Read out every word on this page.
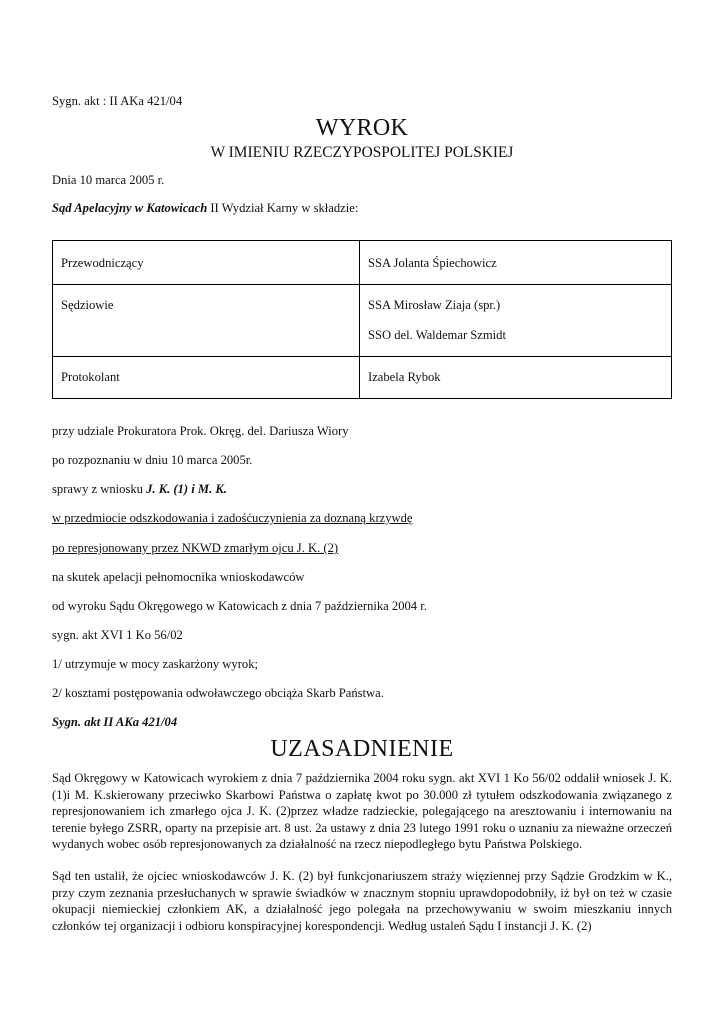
Sygn. akt : II AKa 421/04
WYROK
W IMIENIU RZECZYPOSPOLITEJ POLSKIEJ
Dnia 10 marca 2005 r.
Sąd Apelacyjny w Katowicach II Wydział Karny w składzie:
Przewodniczący	SSA Jolanta Śpiechowicz

Sędziowie	SSA Mirosław Ziaja (spr.)
SSO del. Waldemar Szmidt

Protokolant	Izabela Rybok
przy udziale Prokuratora Prok. Okręg. del. Dariusza Wiory
po rozpoznaniu w dniu 10 marca 2005r.
sprawy z wniosku J. K. (1) i M. K.
w przedmiocie odszkodowania i zadośćuczynienia za doznaną krzywdę
po represjonowany przez NKWD zmarłym ojcu J. K. (2)
na skutek apelacji pełnomocnika wnioskodawców
od wyroku Sądu Okręgowego w Katowicach z dnia 7 października 2004 r.
sygn. akt XVI 1 Ko 56/02
1/ utrzymuje w mocy zaskarżony wyrok;
2/ kosztami postępowania odwoławczego obciąża Skarb Państwa.
Sygn. akt II AKa 421/04
UZASADNIENIE
Sąd Okręgowy w Katowicach wyrokiem z dnia 7 października 2004 roku sygn. akt XVI 1 Ko 56/02 oddalił wniosek J. K. (1)i M. K.skierowany przeciwko Skarbowi Państwa o zapłatę kwot po 30.000 zł tytułem odszkodowania związanego z represjonowaniem ich zmarłego ojca J. K. (2)przez władze radzieckie, polegającego na aresztowaniu i internowaniu na terenie byłego ZSRR, oparty na przepisie art. 8 ust. 2a ustawy z dnia 23 lutego 1991 roku o uznaniu za nieważne orzeczeń wydanych wobec osób represjonowanych za działalność na rzecz niepodległego bytu Państwa Polskiego.
Sąd ten ustalił, że ojciec wnioskodawców J. K. (2) był funkcjonariuszem straży więziennej przy Sądzie Grodzkim w K., przy czym zeznania przesłuchanych w sprawie świadków w znacznym stopniu uprawdopodobniły, iż był on też w czasie okupacji niemieckiej członkiem AK, a działalność jego polegała na przechowywaniu w swoim mieszkaniu innych członków tej organizacji i odbioru konspiracyjnej korespondencji. Według ustaleń Sądu I instancji J. K. (2)
